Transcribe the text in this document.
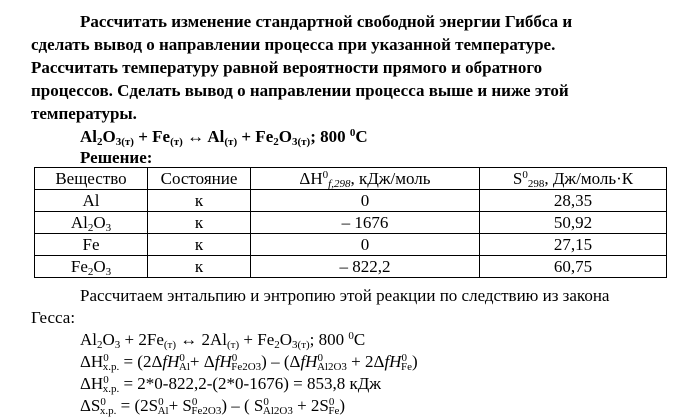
Рассчитать изменение стандартной свободной энергии Гиббса и
сделать вывод о направлении процесса при указанной температуре.
Рассчитать температуру равной вероятности прямого и обратного
процессов. Сделать вывод о направлении процесса выше и ниже этой
температуры.
$Al_2O_{3(т)} + Fe_{(т)}$ ↔ $Al_{(т)} + Fe_2O_{3(т)}$; 800 $^0$C
Решение:
Вещество	Состояние	$\Delta H^0_{f,298}$, кДж/моль	$S^0_{298}$, Дж/моль·К
Al	к	0	28,35
$Al_2O_3$	к	– 1676	50,92
Fe	к	0	27,15
$Fe_2O_3$	к	– 822,2	60,75
Рассчитаем энтальпию и энтропию этой реакции по следствию из закона
Гесса:
$Al_2O_3 + 2Fe_{(т)}$ ↔ $2Al_{(т)} + Fe_2O_{3(т)}$; 800 $^0$C
$\Delta H^0_{х.р.} = (2\Delta fH^0_{Al}+ \Delta fH^0_{Fe2O3}) - (\Delta fH^0_{Al2O3} + 2\Delta fH^0_{Fe})$
$\Delta H^0_{х.р.} = 2*0-822,2-(2*0-1676) = 853,8$ кДж
$\Delta S^0_{х.р.} = (2S^0_{Al}+ S^0_{Fe2O3})$ – ( $S^0_{Al2O3} + 2S^0_{Fe}$)
